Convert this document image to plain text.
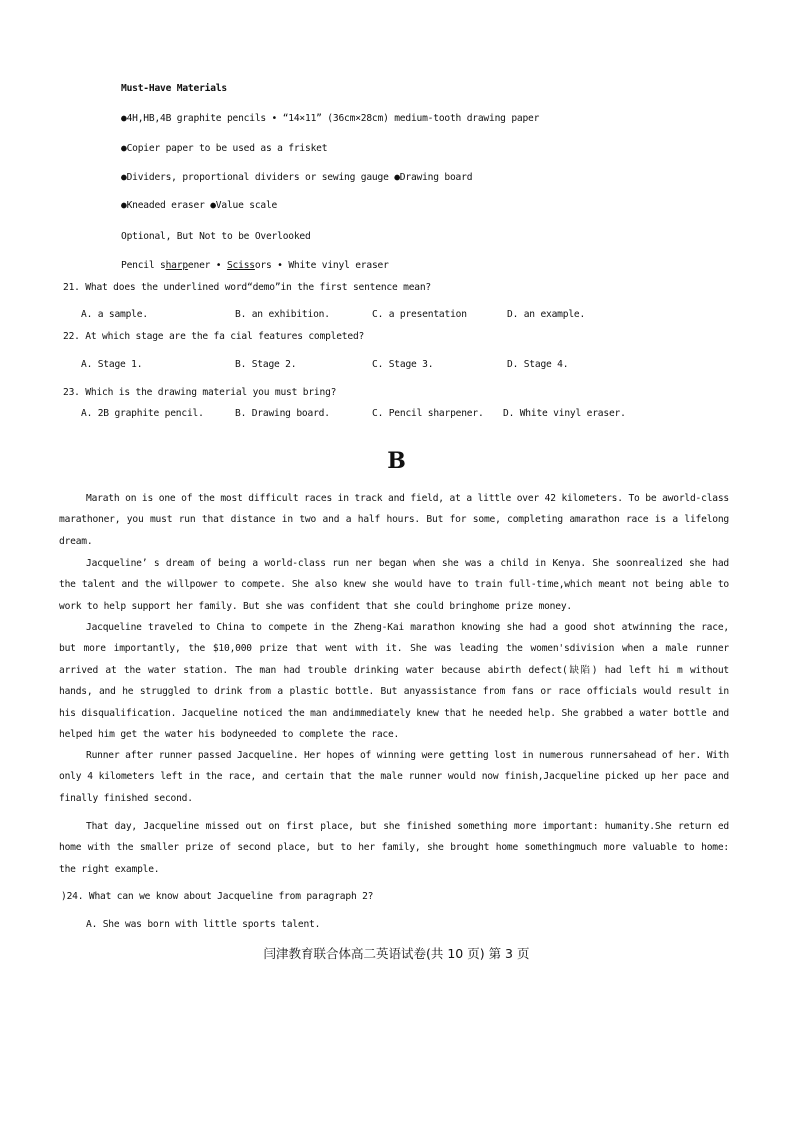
Must-Have Materials
●4H,HB,4B graphite pencils • “14×11” (36cm×28cm) medium-tooth drawing paper
●Copier paper to be used as a frisket
●Dividers, proportional dividers or sewing gauge ●Drawing board
●Kneaded eraser ●Value scale
Optional, But Not to be Overlooked
Pencil sharpener • Scissors • White vinyl eraser
21. What does the underlined word“demo”in the first sentence mean?
A. a sample.	B. an exhibition.	C. a presentation	D. an example.
22. At which stage are the fa cial features completed?
A. Stage 1.	B. Stage 2.	C. Stage 3.	D. Stage 4.
23. Which is the drawing material you must bring?
A. 2B graphite pencil.	B. Drawing board.	C. Pencil sharpener. D. White vinyl eraser.
B
Marath on is one of the most difficult races in track and field, at a little over 42 kilometers. To be aworld-class marathoner, you must run that distance in two and a half hours. But for some, completing amarathon race is a lifelong dream.
Jacqueline’ s dream of being a world-class run ner began when she was a child in Kenya. She soonrealized she had the talent and the willpower to compete. She also knew she would have to train full-time,which meant not being able to work to help support her family. But she was confident that she could bringhome prize money.
Jacqueline traveled to China to compete in the Zheng-Kai marathon knowing she had a good shot atwinning the race, but more importantly, the $10,000 prize that went with it. She was leading the women'sdivision when a male runner arrived at the water station. The man had trouble drinking water because abirth defect(缺陷) had left hi m without hands, and he struggled to drink from a plastic bottle. But anyassistance from fans or race officials would result in his disqualification. Jacqueline noticed the man andimmediately knew that he needed help. She grabbed a water bottle and helped him get the water his bodyneeded to complete the race.
Runner after runner passed Jacqueline. Her hopes of winning were getting lost in numerous runnersahead of her. With only 4 kilometers left in the race, and certain that the male runner would now finish,Jacqueline picked up her pace and finally finished second.
That day, Jacqueline missed out on first place, but she finished something more important: humanity.She return ed home with the smaller prize of second place, but to her family, she brought home somethingmuch more valuable to home: the right example.
)24. What can we know about Jacqueline from paragraph 2?
A. She was born with little sports talent.
闫津教育联合体高二英语试卷(共 10 页) 第 3 页
